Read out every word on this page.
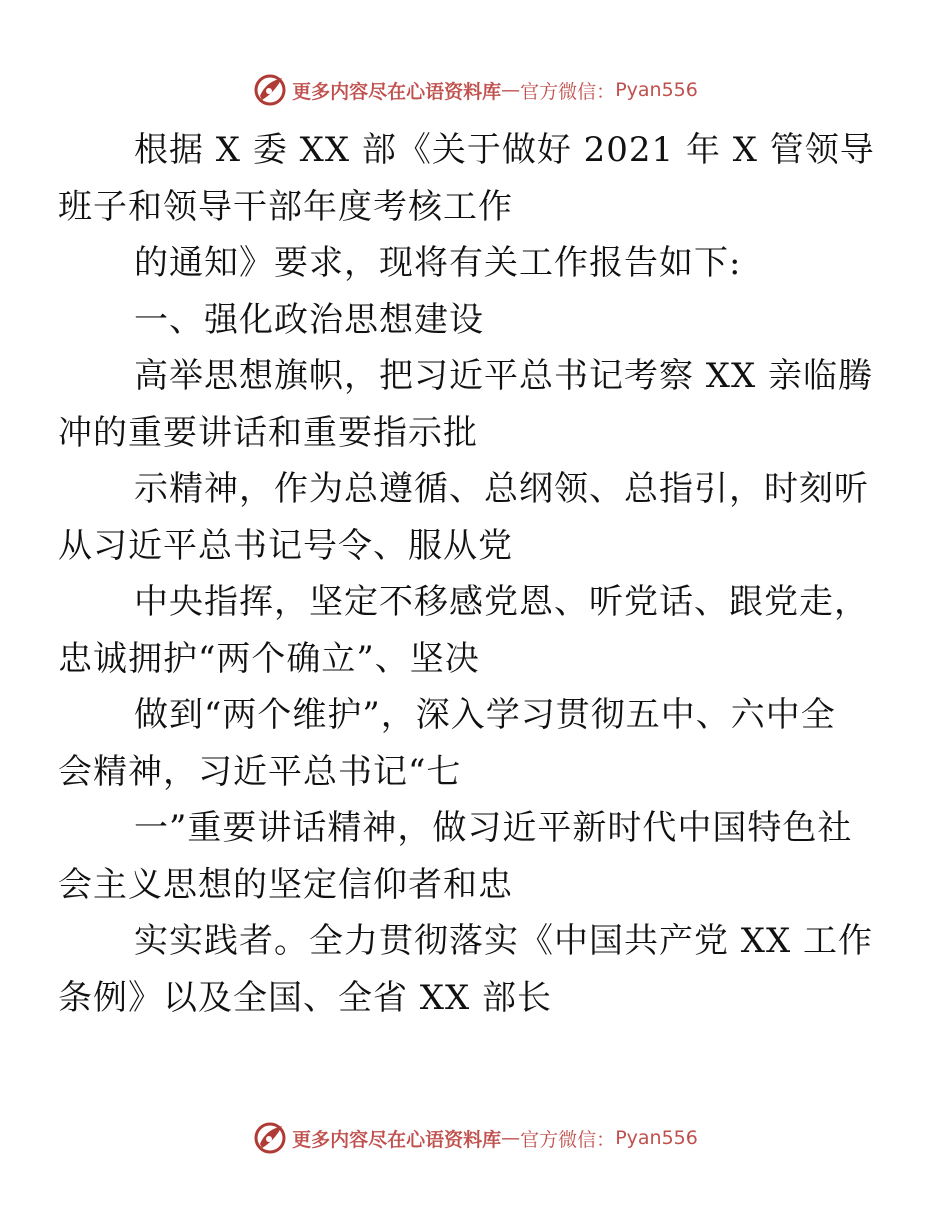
更多内容尽在心语资料库 — 官方微信： Pyan556

根据 X 委 XX 部《关于做好 2021 年 X 管领导
班子和领导干部年度考核工作

的通知》要求，现将有关工作报告如下:

一、强化政治思想建设

高举思想旗帜，把习近平总书记考察 XX 亲临腾
冲的重要讲话和重要指示批

示精神，作为总遵循、总纲领、总指引，时刻听
从习近平总书记号令、服从党

中央指挥，坚定不移感党恩、听党话、跟党走，
忠诚拥护“两个确立”、坚决

做到“两个维护”，深入学习贯彻五中、六中全
会精神，习近平总书记“七

一”重要讲话精神，做习近平新时代中国特色社
会主义思想的坚定信仰者和忠

实实践者。全力贯彻落实《中国共产党 XX 工作
条例》以及全国、全省 XX 部长

更多内容尽在心语资料库 — 官方微信： Pyan556
